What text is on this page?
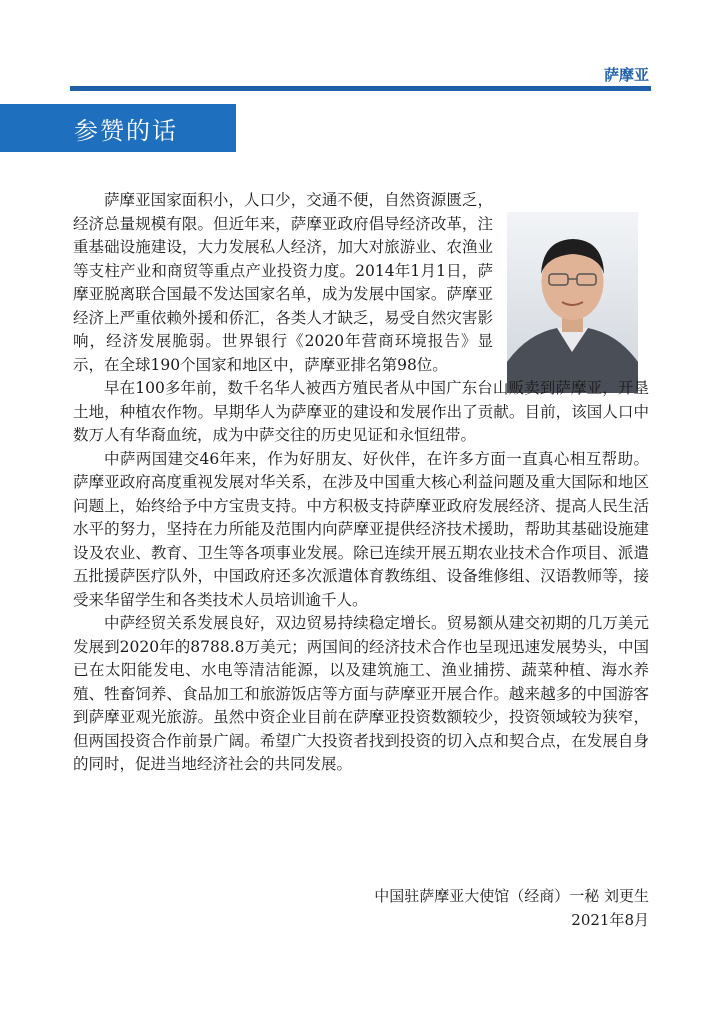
萨摩亚
参赞的话

萨摩亚国家面积小，人口少，交通不便，自然资源匮乏，经济总量规模有限。但近年来，萨摩亚政府倡导经济改革，注重基础设施建设，大力发展私人经济，加大对旅游业、农渔业等支柱产业和商贸等重点产业投资力度。2014年1月1日，萨摩亚脱离联合国最不发达国家名单，成为发展中国家。萨摩亚经济上严重依赖外援和侨汇，各类人才缺乏，易受自然灾害影响，经济发展脆弱。世界银行《2020年营商环境报告》显示，在全球190个国家和地区中，萨摩亚排名第98位。

早在100多年前，数千名华人被西方殖民者从中国广东台山贩卖到萨摩亚，开垦土地，种植农作物。早期华人为萨摩亚的建设和发展作出了贡献。目前，该国人口中数万人有华裔血统，成为中萨交往的历史见证和永恒纽带。

中萨两国建交46年来，作为好朋友、好伙伴，在许多方面一直真心相互帮助。萨摩亚政府高度重视发展对华关系，在涉及中国重大核心利益问题及重大国际和地区问题上，始终给予中方宝贵支持。中方积极支持萨摩亚政府发展经济、提高人民生活水平的努力，坚持在力所能及范围内向萨摩亚提供经济技术援助，帮助其基础设施建设及农业、教育、卫生等各项事业发展。除已连续开展五期农业技术合作项目、派遣五批援萨医疗队外，中国政府还多次派遣体育教练组、设备维修组、汉语教师等，接受来华留学生和各类技术人员培训逾千人。

中萨经贸关系发展良好，双边贸易持续稳定增长。贸易额从建交初期的几万美元发展到2020年的8788.8万美元；两国间的经济技术合作也呈现迅速发展势头，中国已在太阳能发电、水电等清洁能源，以及建筑施工、渔业捕捞、蔬菜种植、海水养殖、牲畜饲养、食品加工和旅游饭店等方面与萨摩亚开展合作。越来越多的中国游客到萨摩亚观光旅游。虽然中资企业目前在萨摩亚投资数额较少，投资领域较为狭窄，但两国投资合作前景广阔。希望广大投资者找到投资的切入点和契合点，在发展自身的同时，促进当地经济社会的共同发展。

中国驻萨摩亚大使馆（经商）一秘 刘更生
2021年8月
